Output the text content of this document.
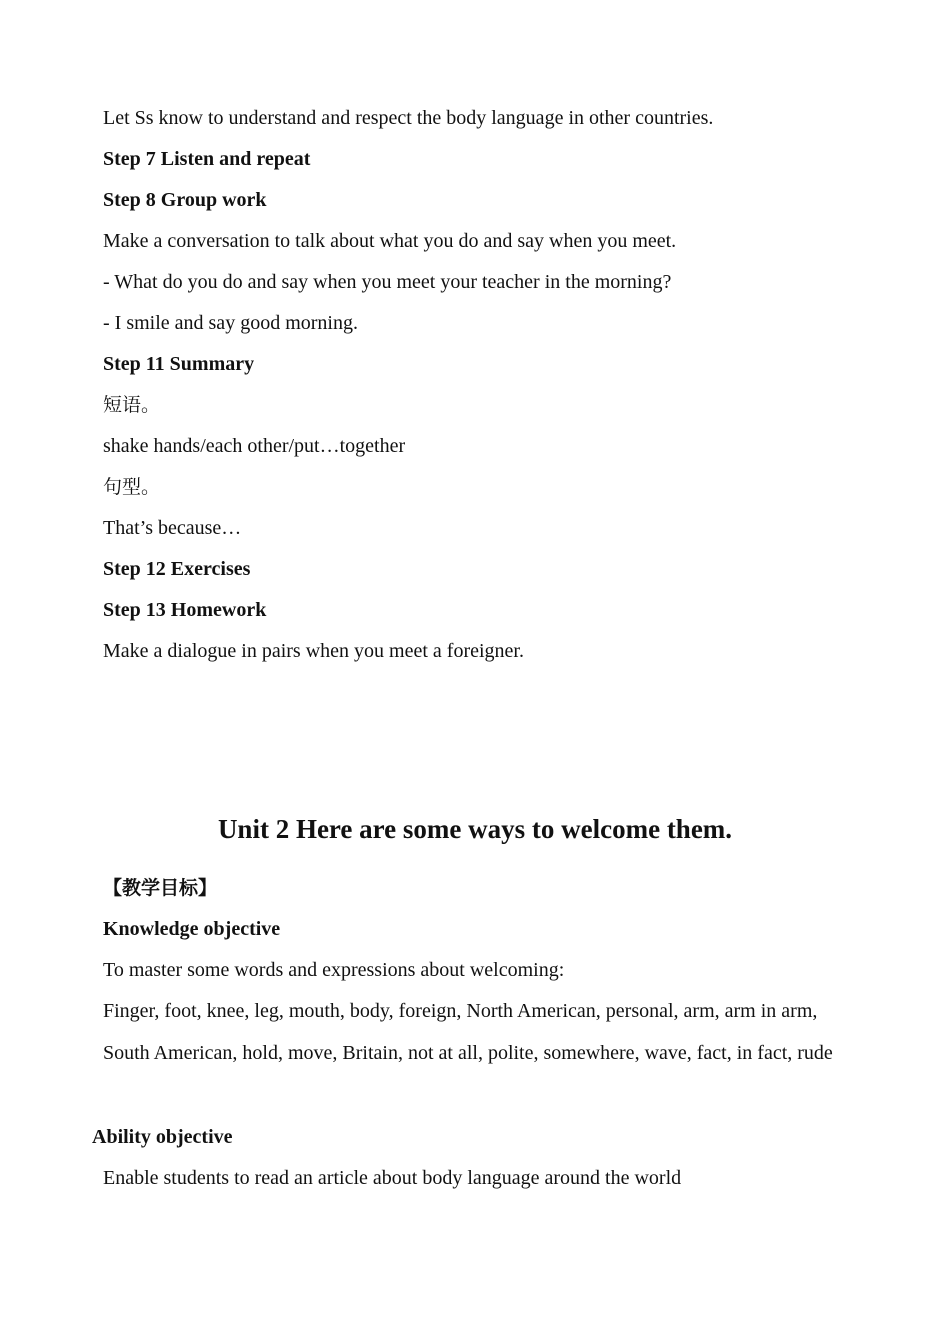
Let Ss know to understand and respect the body language in other countries.
Step 7 Listen and repeat
Step 8 Group work
Make a conversation to talk about what you do and say when you meet.
- What do you do and say when you meet your teacher in the morning?
- I smile and say good morning.
Step 11 Summary
短语。
shake hands/each other/put…together
句型。
That’s because…
Step 12 Exercises
Step 13 Homework
Make a dialogue in pairs when you meet a foreigner.
Unit 2 Here are some ways to welcome them.
【教学目标】
Knowledge objective
To master some words and expressions about welcoming:
Finger, foot, knee, leg, mouth, body, foreign, North American, personal, arm, arm in arm, South American, hold, move, Britain, not at all, polite, somewhere, wave, fact, in fact, rude
Ability objective
Enable students to read an article about body language around the world
